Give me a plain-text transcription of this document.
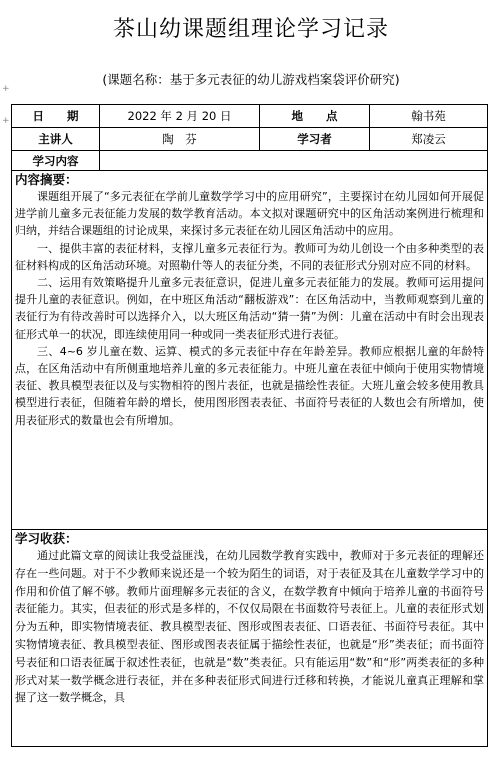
茶山幼课题组理论学习记录
(课题名称：基于多元表征的幼儿游戏档案袋评价研究)
+
+	日　　期	2022 年 2 月 20 日	地　　点	翰书苑
主讲人	陶　芬	学习者	郑凌云
学习内容
内容摘要：

课题组开展了“多元表征在学前儿童数学学习中的应用研究”，主要探讨在幼儿园如何开展促进学前儿童多元表征能力发展的数学教育活动。本文拟对课题研究中的区角活动案例进行梳理和归纳，并结合课题组的讨论成果，来探讨多元表征在幼儿园区角活动中的应用。

一、提供丰富的表征材料，支撑儿童多元表征行为。教师可为幼儿创设一个由多种类型的表征材料构成的区角活动环境。对照勒什等人的表征分类，不同的表征形式分别对应不同的材料。

二、运用有效策略提升儿童多元表征意识，促进儿童多元表征能力的发展。教师可运用提问提升儿童的表征意识。例如，在中班区角活动“翻板游戏”：在区角活动中，当教师观察到儿童的表征行为有待改善时可以选择介入，以大班区角活动“猜一猜”为例：儿童在活动中有时会出现表征形式单一的状况，即连续使用同一种或同一类表征形式进行表征。

三、4~6 岁儿童在数、运算、模式的多元表征中存在年龄差异。教师应根据儿童的年龄特点，在区角活动中有所侧重地培养儿童的多元表征能力。中班儿童在表征中倾向于使用实物情境表征、教具模型表征以及与实物相符的图片表征，也就是描绘性表征。大班儿童会较多使用教具模型进行表征，但随着年龄的增长，使用图形图表表征、书面符号表征的人数也会有所增加，使用表征形式的数量也会有所增加。

学习收获：

通过此篇文章的阅读让我受益匪浅，在幼儿园数学教育实践中，教师对于多元表征的理解还存在一些问题。对于不少教师来说还是一个较为陌生的词语，对于表征及其在儿童数学学习中的作用和价值了解不够。教师片面理解多元表征的含义，在数学教育中倾向于培养儿童的书面符号表征能力。其实，但表征的形式是多样的，不仅仅局限在书面数符号表征上。儿童的表征形式划分为五种，即实物情境表征、教具模型表征、图形或图表表征、口语表征、书面符号表征。其中实物情境表征、教具模型表征、图形或图表表征属于描绘性表征，也就是“形”类表征；而书面符号表征和口语表征属于叙述性表征，也就是“数”类表征。只有能运用“数”和“形”两类表征的多种形式对某一数学概念进行表征，并在多种表征形式间进行迁移和转换，才能说儿童真正理解和掌握了这一数学概念，具
